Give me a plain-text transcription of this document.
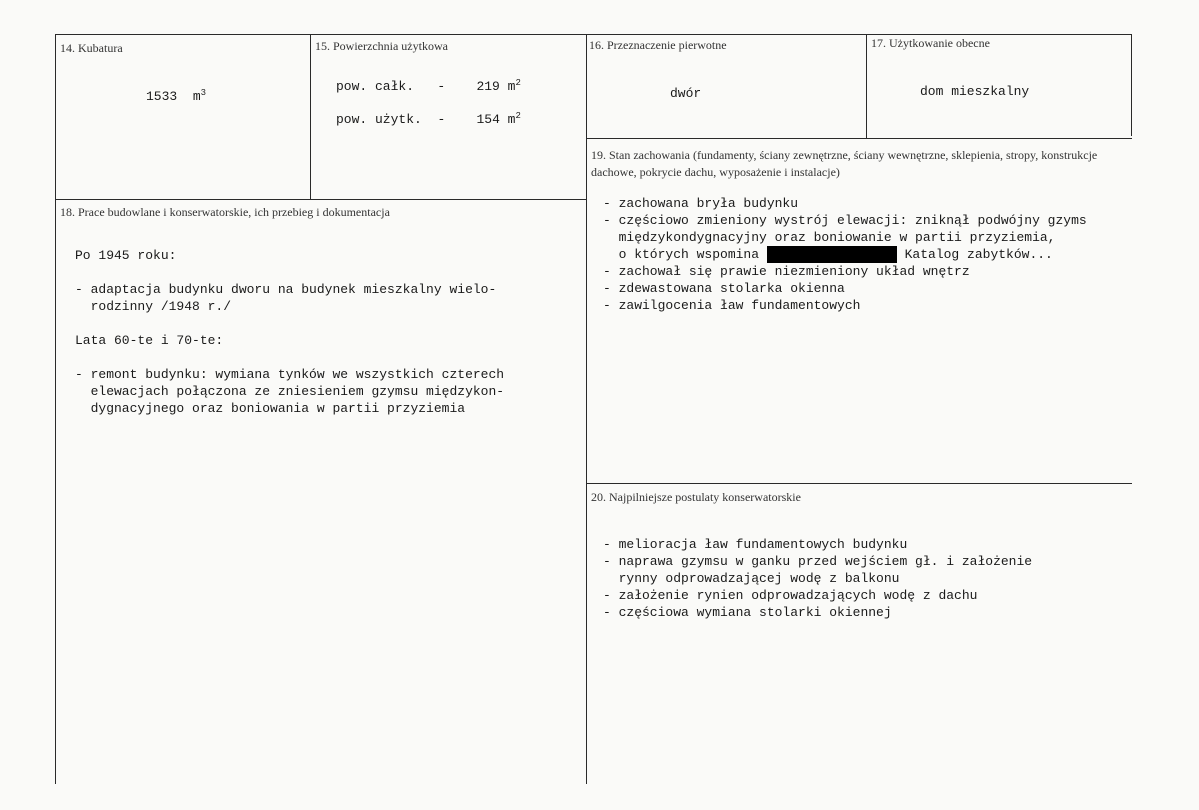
14. Kubatura
1533 $m^3$
15. Powierzchnia użytkowa
pow. całk. - 219 $m^2$
pow. użytk. - 154 $m^2$
16. Przeznaczenie pierwotne
dwór
17. Użytkowanie obecne
dom mieszkalny
18. Prace budowlane i konserwatorskie, ich przebieg i dokumentacja
Po 1945 roku:
- adaptacja budynku dworu na budynek mieszkalny wielo-
rodzinny /1948 r./
Lata 60-te i 70-te:
- remont budynku: wymiana tynków we wszystkich czterech
elewacjach połączona ze zniesieniem gzymsu międzykon-
dygnacyjnego oraz boniowania w partii przyziemia
19. Stan zachowania (fundamenty, ściany zewnętrzne, ściany wewnętrzne, sklepienia, stropy, konstrukcje dachowe, pokrycie dachu, wyposażenie i instalacje)
- zachowana bryła budynku
- częściowo zmieniony wystrój elewacji: zniknął podwójny gzyms
międzykondygnacyjny oraz boniowanie w partii przyziemia,
o których wspomina	Katalog zabytków...
- zachował się prawie niezmieniony układ wnętrz
- zdewastowana stolarka okienna
- zawilgocenia ław fundamentowych
20. Najpilniejsze postulaty konserwatorskie
- melioracja ław fundamentowych budynku
- naprawa gzymsu w ganku przed wejściem gł. i założenie
rynny odprowadzającej wodę z balkonu
- założenie rynien odprowadzających wodę z dachu
- częściowa wymiana stolarki okiennej
